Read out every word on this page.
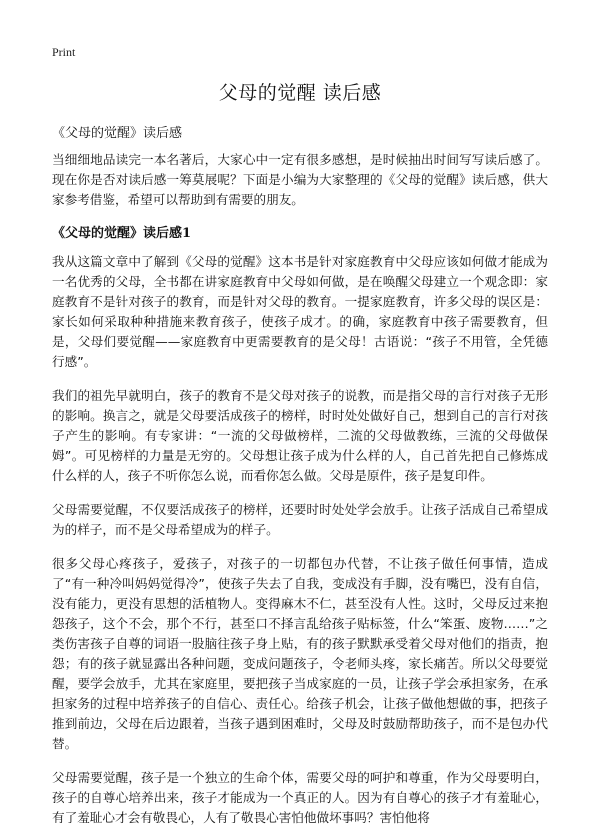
Print
父母的觉醒 读后感
《父母的觉醒》读后感

当细细地品读完一本名著后，大家心中一定有很多感想，是时候抽出时间写写读后感了。现在你是否对读后感一筹莫展呢？下面是小编为大家整理的《父母的觉醒》读后感，供大家参考借鉴，希望可以帮助到有需要的朋友。

《父母的觉醒》读后感1

我从这篇文章中了解到《父母的觉醒》这本书是针对家庭教育中父母应该如何做才能成为一名优秀的父母，全书都在讲家庭教育中父母如何做，是在唤醒父母建立一个观念即：家庭教育不是针对孩子的教育，而是针对父母的教育。一提家庭教育，许多父母的误区是：家长如何采取种种措施来教育孩子，使孩子成才。的确，家庭教育中孩子需要教育，但是，父母们要觉醒——家庭教育中更需要教育的是父母！古语说：“孩子不用管，全凭德行感”。

我们的祖先早就明白，孩子的教育不是父母对孩子的说教，而是指父母的言行对孩子无形的影响。换言之，就是父母要活成孩子的榜样，时时处处做好自己，想到自己的言行对孩子产生的影响。有专家讲：“一流的父母做榜样，二流的父母做教练，三流的父母做保姆”。可见榜样的力量是无穷的。父母想让孩子成为什么样的人，自己首先把自己修炼成什么样的人，孩子不听你怎么说，而看你怎么做。父母是原件，孩子是复印件。

父母需要觉醒，不仅要活成孩子的榜样，还要时时处处学会放手。让孩子活成自己希望成为的样子，而不是父母希望成为的样子。

很多父母心疼孩子，爱孩子，对孩子的一切都包办代替，不让孩子做任何事情，造成了“有一种冷叫妈妈觉得冷”，使孩子失去了自我，变成没有手脚，没有嘴巴，没有自信，没有能力，更没有思想的活植物人。变得麻木不仁，甚至没有人性。这时，父母反过来抱怨孩子，这个不会，那个不行，甚至口不择言乱给孩子贴标签，什么“笨蛋、废物……”之类伤害孩子自尊的词语一股脑往孩子身上贴，有的孩子默默承受着父母对他们的指责，抱怨；有的孩子就显露出各种问题，变成问题孩子，令老师头疼，家长痛苦。所以父母要觉醒，要学会放手，尤其在家庭里，要把孩子当成家庭的一员，让孩子学会承担家务，在承担家务的过程中培养孩子的自信心、责任心。给孩子机会，让孩子做他想做的事，把孩子推到前边，父母在后边跟着，当孩子遇到困难时，父母及时鼓励帮助孩子，而不是包办代替。

父母需要觉醒，孩子是一个独立的生命个体，需要父母的呵护和尊重，作为父母要明白，孩子的自尊心培养出来，孩子才能成为一个真正的人。因为有自尊心的孩子才有羞耻心，有了羞耻心才会有敬畏心，人有了敬畏心害怕他做坏事吗？害怕他将
